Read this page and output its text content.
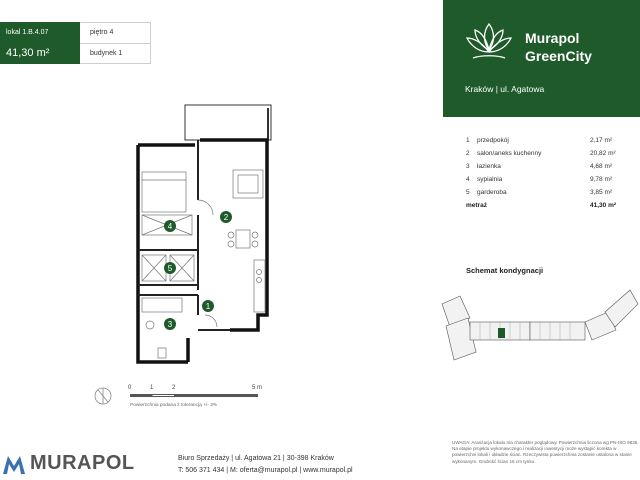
lokal 1.B.4.07
41,30 m²
piętro 4
budynek 1
Murapol
GreenCity
Kraków | ul. Agatowa
1 przedpokój	2,17 m²
2 salon/aneks kuchenny	20,82 m²
3 łazienka	4,68 m²
4 sypialnia	9,78 m²
5 garderoba	3,85 m²
metraż	41,30 m²
2
4
5
1
3
0	1	2	5 m
Powierzchnia podana z tolerancją +/- 3%
Schemat kondygnacji
UWAGA: Aranżacja lokalu ma charakter poglądowy. Powierzchnia liczona wg PN-ISO 9836. Na etapie projektu wykonawczego i realizacji inwestycji może wystąpić korekta w powierzchni lokali i układzie ścian. Rzeczywista powierzchnia zostanie ustalona w stanie wykonanym. Grubość ścian 15 cm tynku.
MURAPOL	Biuro Sprzedaży | ul. Agatowa 21 | 30-398 Kraków
T: 506 371 434 | M: oferta@murapol.pl | www.murapol.pl
